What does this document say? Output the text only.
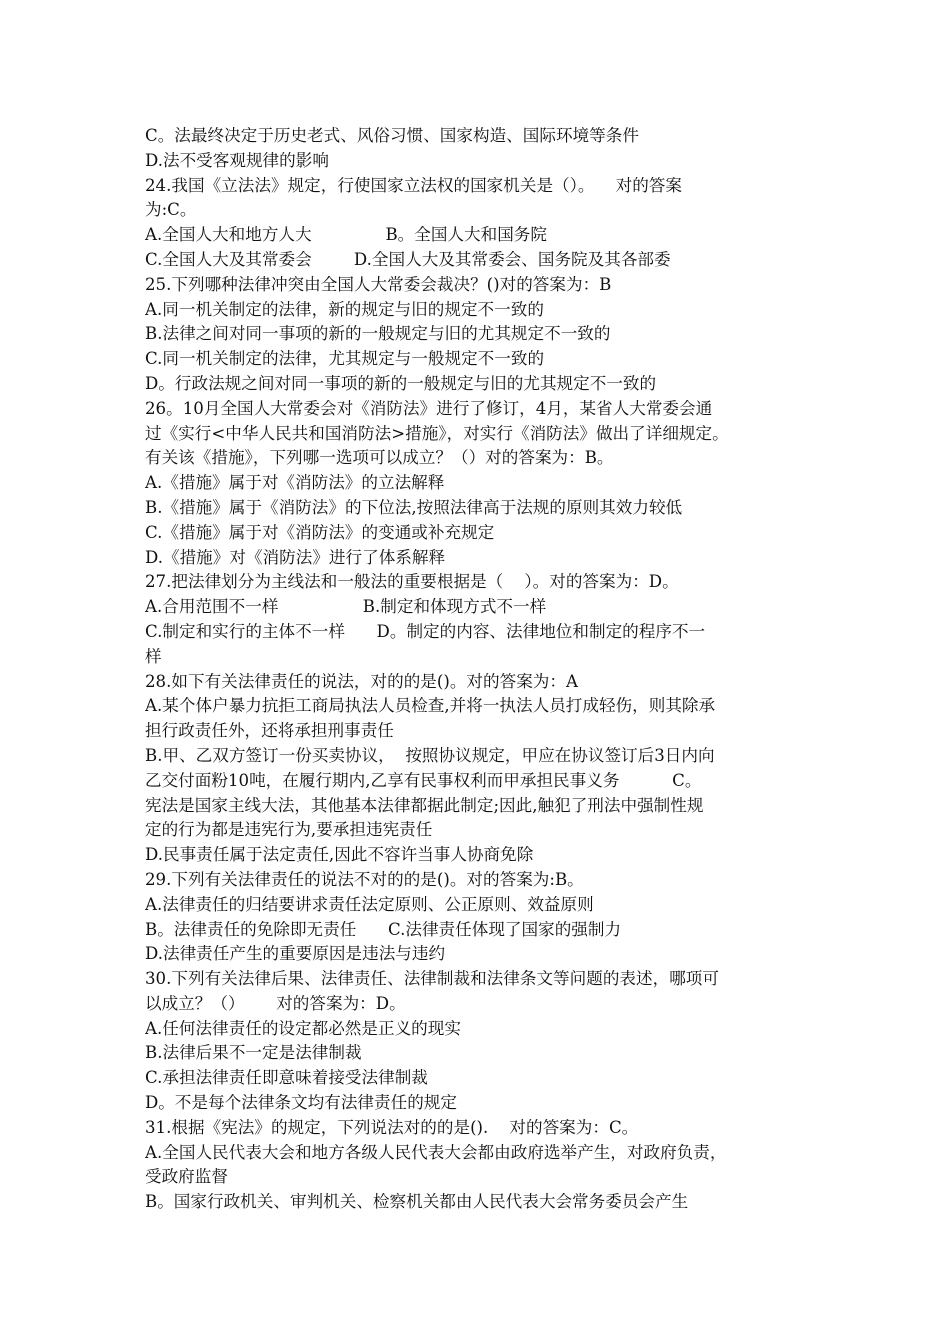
C。法最终决定于历史老式、风俗习惯、国家构造、国际环境等条件
D.法不受客观规律的影响
24.我国《立法法》规定，行使国家立法权的国家机关是（）。    对的答案
为:C。
A.全国人大和地方人大              B。全国人大和国务院
C.全国人大及其常委会        D.全国人大及其常委会、国务院及其各部委
25.下列哪种法律冲突由全国人大常委会裁决？()对的答案为：B
A.同一机关制定的法律，新的规定与旧的规定不一致的
B.法律之间对同一事项的新的一般规定与旧的尤其规定不一致的
C.同一机关制定的法律，尤其规定与一般规定不一致的
D。行政法规之间对同一事项的新的一般规定与旧的尤其规定不一致的
26。10月全国人大常委会对《消防法》进行了修订，4月，某省人大常委会通
过《实行<中华人民共和国消防法>措施》，对实行《消防法》做出了详细规定。
有关该《措施》，下列哪一选项可以成立？（）对的答案为：B。
A.《措施》属于对《消防法》的立法解释
B.《措施》属于《消防法》的下位法,按照法律高于法规的原则其效力较低
C.《措施》属于对《消防法》的变通或补充规定
D.《措施》对《消防法》进行了体系解释
27.把法律划分为主线法和一般法的重要根据是（    ）。对的答案为：D。
A.合用范围不一样                B.制定和体现方式不一样
C.制定和实行的主体不一样      D。制定的内容、法律地位和制定的程序不一
样
28.如下有关法律责任的说法，对的的是()。对的答案为：A
A.某个体户暴力抗拒工商局执法人员检查,并将一执法人员打成轻伤，则其除承
担行政责任外，还将承担刑事责任
B.甲、乙双方签订一份买卖协议，  按照协议规定，甲应在协议签订后3日内向
乙交付面粉10吨，在履行期内,乙享有民事权利而甲承担民事义务          C。
宪法是国家主线大法，其他基本法律都据此制定;因此,触犯了刑法中强制性规
定的行为都是违宪行为,要承担违宪责任
D.民事责任属于法定责任,因此不容许当事人协商免除
29.下列有关法律责任的说法不对的的是()。对的答案为:B。
A.法律责任的归结要讲求责任法定原则、公正原则、效益原则
B。法律责任的免除即无责任      C.法律责任体现了国家的强制力
D.法律责任产生的重要原因是违法与违约
30.下列有关法律后果、法律责任、法律制裁和法律条文等问题的表述，哪项可
以成立？（）      对的答案为：D。
A.任何法律责任的设定都必然是正义的现实
B.法律后果不一定是法律制裁
C.承担法律责任即意味着接受法律制裁
D。不是每个法律条文均有法律责任的规定
31.根据《宪法》的规定，下列说法对的的是().    对的答案为：C。
A.全国人民代表大会和地方各级人民代表大会都由政府选举产生，对政府负责，
受政府监督
B。国家行政机关、审判机关、检察机关都由人民代表大会常务委员会产生
